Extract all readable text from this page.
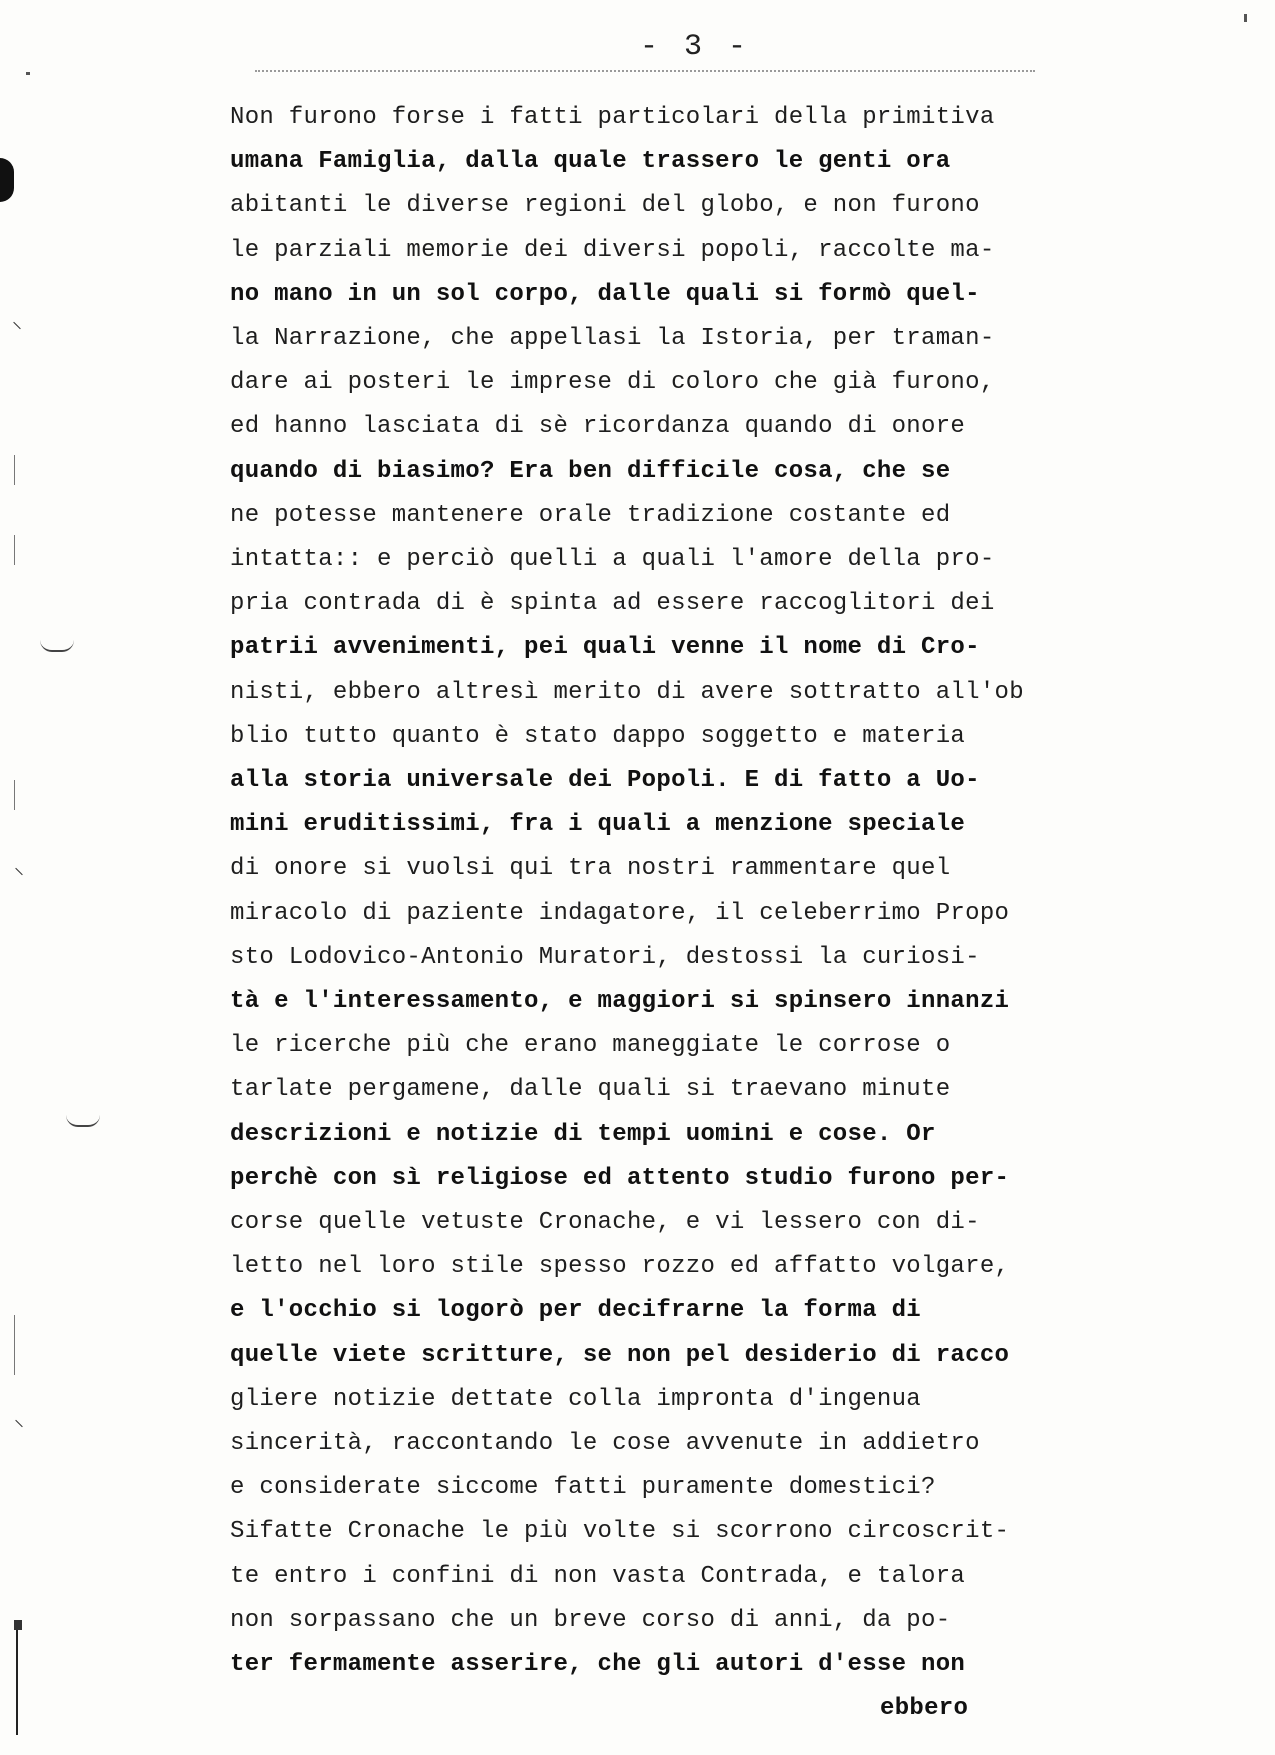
- 3 -
Non furono forse i fatti particolari della primitiva
umana Famiglia, dalla quale trassero le genti ora
abitanti le diverse regioni del globo, e non furono
le parziali memorie dei diversi popoli, raccolte ma-
no mano in un sol corpo, dalle quali si formò quel-
la Narrazione, che appellasi la Istoria, per traman-
dare ai posteri le imprese di coloro che già furono,
ed hanno lasciata di sè ricordanza quando di onore
quando di biasimo? Era ben difficile cosa, che se
ne potesse mantenere orale tradizione costante ed
intatta:: e perciò quelli a quali l'amore della pro-
pria contrada di è spinta ad essere raccoglitori dei
patrii avvenimenti, pei quali venne il nome di Cro-
nisti, ebbero altresì merito di avere sottratto all'ob
blio tutto quanto è stato dappo soggetto e materia
alla storia universale dei Popoli. E di fatto a Uo-
mini eruditissimi, fra i quali a menzione speciale
di onore si vuolsi qui tra nostri rammentare quel
miracolo di paziente indagatore, il celeberrimo Propo
sto Lodovico-Antonio Muratori, destossi la curiosi-
tà e l'interessamento, e maggiori si spinsero innanzi
le ricerche più che erano maneggiate le corrose o
tarlate pergamene, dalle quali si traevano minute
descrizioni e notizie di tempi uomini e cose. Or
perchè con sì religiose ed attento studio furono per-
corse quelle vetuste Cronache, e vi lessero con di-
letto nel loro stile spesso rozzo ed affatto volgare,
e l'occhio si logorò per decifrarne la forma di
quelle viete scritture, se non pel desiderio di racco
gliere notizie dettate colla impronta d'ingenua
sincerità, raccontando le cose avvenute in addietro
e considerate siccome fatti puramente domestici?
Sifatte Cronache le più volte si scorrono circoscrit-
te entro i confini di non vasta Contrada, e talora
non sorpassano che un breve corso di anni, da po-
ter fermamente asserire, che gli autori d'esse non
ebbero
⸌
⸌
⸌
